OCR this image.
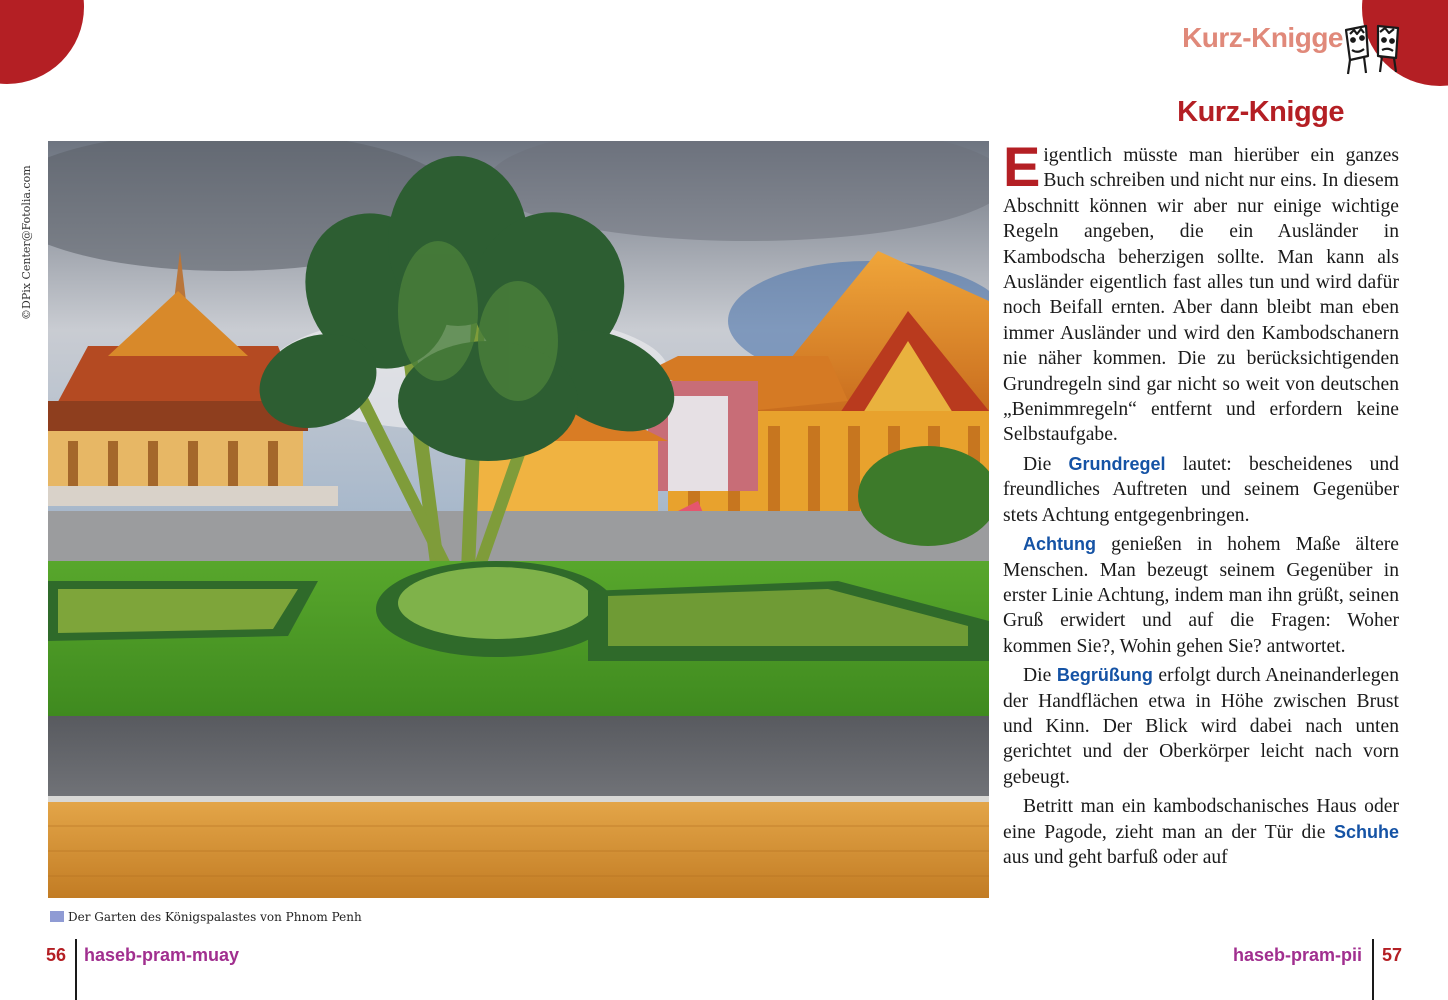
Kurz-Knigge
Kurz-Knigge
©DPix Center@Fotolia.com
Der Garten des Königspalastes von Phnom Penh

Eigentlich müsste man hierüber ein ganzes Buch schreiben und nicht nur eins. In diesem Abschnitt können wir aber nur einige wichtige Regeln angeben, die ein Ausländer in Kambodscha beherzigen sollte. Man kann als Ausländer eigentlich fast alles tun und wird dafür noch Beifall ernten. Aber dann bleibt man eben immer Ausländer und wird den Kambodschanern nie näher kommen. Die zu berücksichtigenden Grundregeln sind gar nicht so weit von deutschen „Benimmregeln“ entfernt und erfordern keine Selbstaufgabe.

Die Grundregel lautet: bescheidenes und freundliches Auftreten und seinem Gegenüber stets Achtung entgegenbringen.

Achtung genießen in hohem Maße ältere Menschen. Man bezeugt seinem Gegenüber in erster Linie Achtung, indem man ihn grüßt, seinen Gruß erwidert und auf die Fragen: Woher kommen Sie?, Wohin gehen Sie? antwortet.

Die Begrüßung erfolgt durch Aneinanderlegen der Handflächen etwa in Höhe zwischen Brust und Kinn. Der Blick wird dabei nach unten gerichtet und der Oberkörper leicht nach vorn gebeugt.

Betritt man ein kambodschanisches Haus oder eine Pagode, zieht man an der Tür die Schuhe aus und geht barfuß oder auf

56 haseb-pram-muay	haseb-pram-pii 57
